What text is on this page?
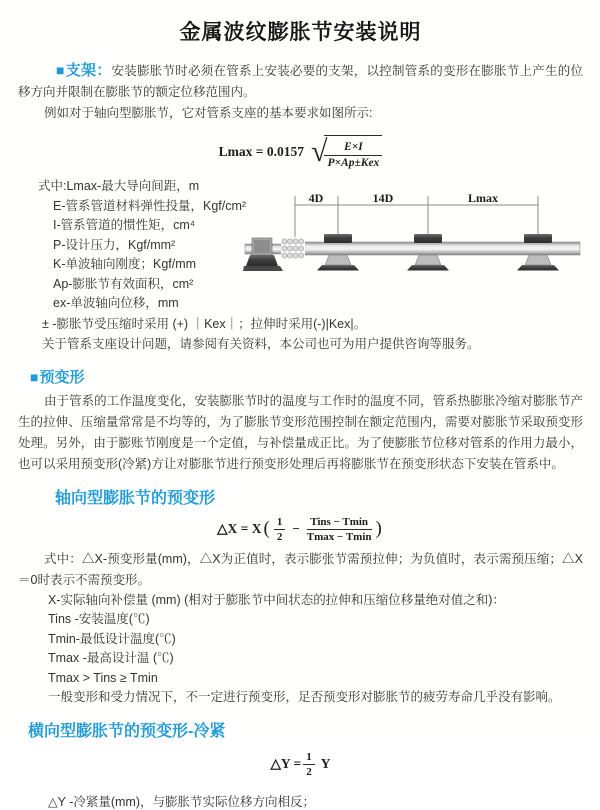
金属波纹膨胀节安装说明

■支架：安装膨胀节时必须在管系上安装必要的支架，以控制管系的变形在膨胀节上产生的位移方向并限制在膨胀节的额定位移范围内。

例如对于轴向型膨胀节，它对管系支座的基本要求如图所示:

Lmax = 0.0157 √
$\frac{E\times I}{\text{P×Ap±Kex}}$
式中:Lmax-最大导向间距，m
E-管系管道材料弹性投量，Kgf/cm²
I-管系管道的惯性矩，cm⁴
P-设计压力，Kgf/mm²
K-单波轴向刚度；Kgf/mm
Ap-膨胀节有效面积，cm²
ex-单波轴向位移，mm
± -膨胀节受压缩时采用 (+) ｜Kex｜；拉伸时采用(-)|Kex|。
关于管系支座设计问题，请参阅有关资料，本公司也可为用户提供咨询等服务。
■预变形

由于管系的工作温度变化，安装膨胀节时的温度与工作时的温度不同，管系热膨胀冷缩对膨胀节产生的拉伸、压缩量常常是不均等的，为了膨胀节变形范围控制在额定范围内，需要对膨胀节采取预变形处理。另外，由于膨账节刚度是一个定值，与补偿量成正比。为了使膨胀节位移对管系的作用力最小，也可以采用预变形(冷紧)方让对膨胀节进行预变形处理后再将膨胀节在预变形状态下安装在管系中。

轴向型膨胀节的预变形
△X = X ( $\frac{1}{2}$ − Tins − Tmin
Tmax − Tmin )

式中：△X-预变形量(mm)，△X为正值时，表示膨张节需预拉伸；为负值时，表示需预压缩；△X＝0时表示不需预变形。

X-实际轴向补偿量 (mm) (相对于膨胀节中间状态的拉伸和压缩位移量绝对值之和)：
Tins -安装温度(℃)
Tmin-最低设计温度(℃)
Tmax -最高设计温 (℃)
Tmax > Tins ≥ Tmin
一般变形和受力情况下，不一定进行预变形，足否预变形对膨胀节的疲劳寿命几乎没有影响。
横向型膨胀节的预变形-冷紧
△Y = $\frac{1}{2}$ Y
△Y -冷紧量(mm)，与膨胀节实际位移方向相反；
4D	14D	Lmax
